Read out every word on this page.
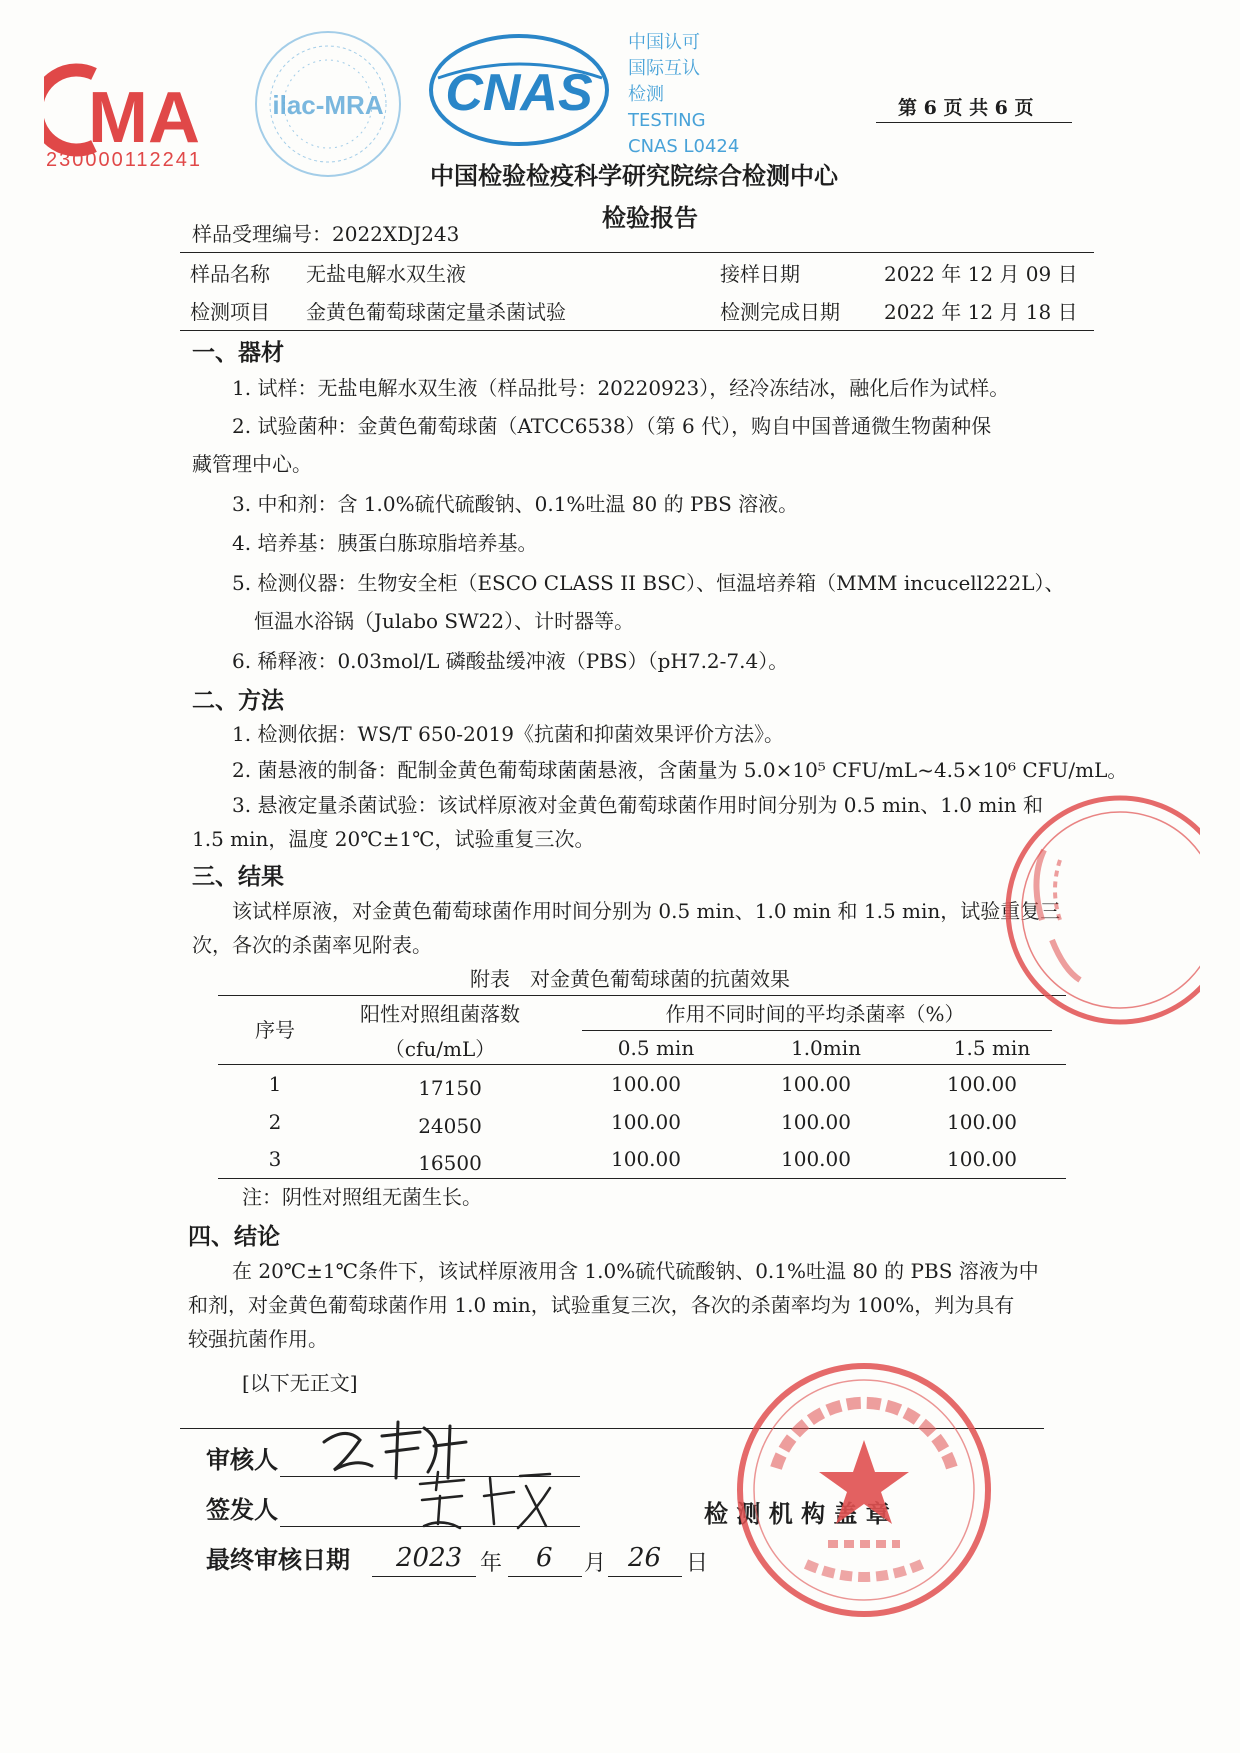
MA
230000112241
ilac-MRA CNAS
中国认可
国际互认
检测
TESTING
CNAS L0424
第 6 页 共 6 页
中国检验检疫科学研究院综合检测中心
检验报告
样品受理编号：2022XDJ243
样品名称 无盐电解水双生液	接样日期	2022 年 12 月 09 日
检测项目 金黄色葡萄球菌定量杀菌试验	检测完成日期 2022 年 12 月 18 日
一、器材
1. 试样：无盐电解水双生液（样品批号：20220923），经冷冻结冰，融化后作为试样。
2. 试验菌种：金黄色葡萄球菌（ATCC6538）（第 6 代），购自中国普通微生物菌种保
藏管理中心。
3. 中和剂：含 1.0%硫代硫酸钠、0.1%吐温 80 的 PBS 溶液。
4. 培养基：胰蛋白胨琼脂培养基。
5. 检测仪器：生物安全柜（ESCO CLASS II BSC）、恒温培养箱（MMM incucell222L）、
恒温水浴锅（Julabo SW22）、计时器等。
6. 稀释液：0.03mol/L 磷酸盐缓冲液（PBS）（pH7.2-7.4）。
二、方法
1. 检测依据：WS/T 650-2019《抗菌和抑菌效果评价方法》。
2. 菌悬液的制备：配制金黄色葡萄球菌菌悬液，含菌量为 5.0×10⁵ CFU/mL~4.5×10⁶ CFU/mL。
3. 悬液定量杀菌试验：该试样原液对金黄色葡萄球菌作用时间分别为 0.5 min、1.0 min 和
1.5 min，温度 20℃±1℃，试验重复三次。
三、结果
该试样原液，对金黄色葡萄球菌作用时间分别为 0.5 min、1.0 min 和 1.5 min，试验重复三
次，各次的杀菌率见附表。
附表　对金黄色葡萄球菌的抗菌效果
序号
阳性对照组菌落数
（cfu/mL）
作用不同时间的平均杀菌率（%）
0.5 min	1.0min	1.5 min
1	17150	100.00	100.00	100.00
2	24050	100.00	100.00	100.00
3	16500	100.00	100.00	100.00
注：阴性对照组无菌生长。
四、结论
在 20℃±1℃条件下，该试样原液用含 1.0%硫代硫酸钠、0.1%吐温 80 的 PBS 溶液为中
和剂，对金黄色葡萄球菌作用 1.0 min，试验重复三次，各次的杀菌率均为 100%，判为具有
较强抗菌作用。
[以下无正文]
审核人
签发人	检 测 机 构 盖 章
最终审核日期 2023 年 6 月 26 日
